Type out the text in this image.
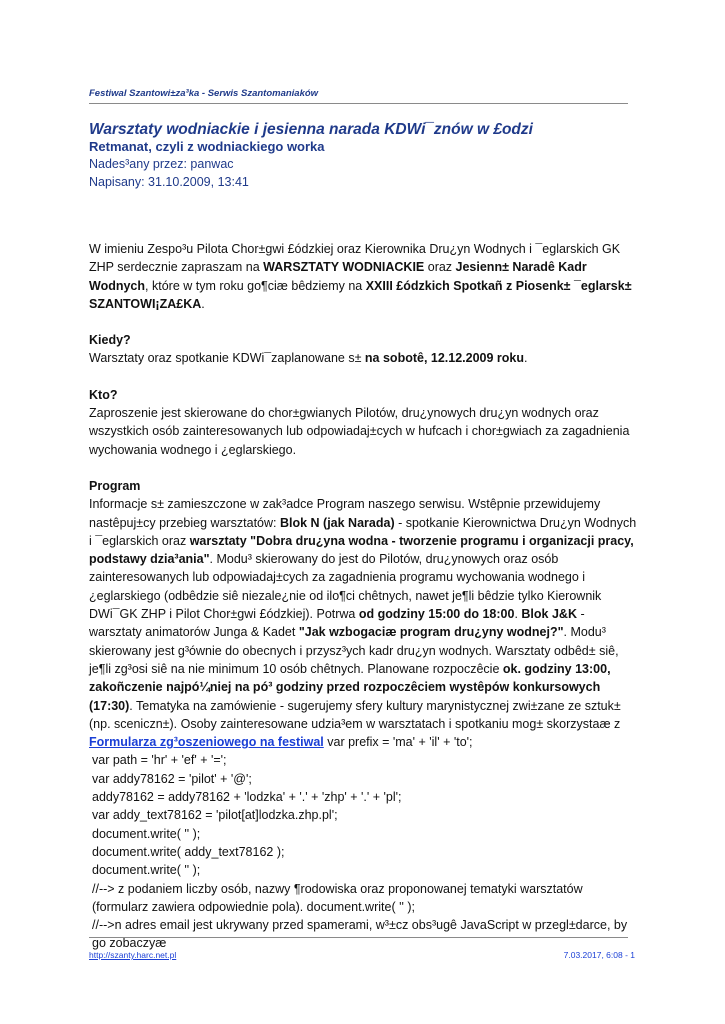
Festiwal Szantowi±za³ka - Serwis Szantomaniaków
Warsztaty wodniackie i jesienna narada KDWi¯znów w £odzi
Retmanat, czyli z wodniackiego worka
Nades³any przez: panwac
Napisany: 31.10.2009, 13:41

W imieniu Zespo³u Pilota Chor±gwi £ódzkiej oraz Kierownika Dru¿yn Wodnych i ¯eglarskich GK ZHP serdecznie zapraszam na WARSZTATY WODNIACKIE oraz Jesienn± Naradê Kadr Wodnych, które w tym roku go¶ciæ bêdziemy na XXIII £ódzkich Spotkañ z Piosenk± ¯eglarsk± SZANTOWI¡ZA£KA.

Kiedy?

Warsztaty oraz spotkanie KDWi¯zaplanowane s± na sobotê, 12.12.2009 roku.

Kto?

Zaproszenie jest skierowane do chor±gwianych Pilotów, dru¿ynowych dru¿yn wodnych oraz wszystkich osób zainteresowanych lub odpowiadaj±cych w hufcach i chor±gwiach za zagadnienia wychowania wodnego i ¿eglarskiego.

Program

Informacje s± zamieszczone w zak³adce Program naszego serwisu. Wstêpnie przewidujemy nastêpuj±cy przebieg warsztatów: Blok N (jak Narada) - spotkanie Kierownictwa Dru¿yn Wodnych i ¯eglarskich oraz warsztaty "Dobra dru¿yna wodna - tworzenie programu i organizacji pracy, podstawy dzia³ania". Modu³ skierowany do jest do Pilotów, dru¿ynowych oraz osób zainteresowanych lub odpowiadaj±cych za zagadnienia programu wychowania wodnego i ¿eglarskiego (odbêdzie siê niezale¿nie od ilo¶ci chêtnych, nawet je¶li bêdzie tylko Kierownik DWi¯GK ZHP i Pilot Chor±gwi £ódzkiej). Potrwa od godziny 15:00 do 18:00. Blok J&K - warsztaty animatorów Junga & Kadet "Jak wzbogaciæ program dru¿yny wodnej?". Modu³ skierowany jest g³ównie do obecnych i przysz³ych kadr dru¿yn wodnych. Warsztaty odbêd± siê, je¶li zg³osi siê na nie minimum 10 osób chêtnych. Planowane rozpoczêcie ok. godziny 13:00, zakoñczenie najpó¼niej na pó³ godziny przed rozpoczêciem wystêpów konkursowych (17:30). Tematyka na zamówienie - sugerujemy sfery kultury marynistycznej zwi±zane ze sztuk± (np. sceniczn±). Osoby zainteresowane udzia³em w warsztatach i spotkaniu mog± skorzystaæ z Formularza zg³oszeniowego na festiwal var prefix = 'ma' + 'il' + 'to';

var path = 'hr' + 'ef' + '=';

var addy78162 = 'pilot' + '@';

addy78162 = addy78162 + 'lodzka' + '.' + 'zhp' + '.' + 'pl';

var addy_text78162 = 'pilot[at]lodzka.zhp.pl';

document.write( '' );

document.write( addy_text78162 );

document.write( '' );

//--> z podaniem liczby osób, nazwy ¶rodowiska oraz proponowanej tematyki warsztatów (formularz zawiera odpowiednie pola). document.write( '' );

//-->n adres email jest ukrywany przed spamerami, w³±cz obs³ugê JavaScript w przegl±darce, by go zobaczyæ

http://szanty.harc.net.pl	7.03.2017, 6:08 - 1
